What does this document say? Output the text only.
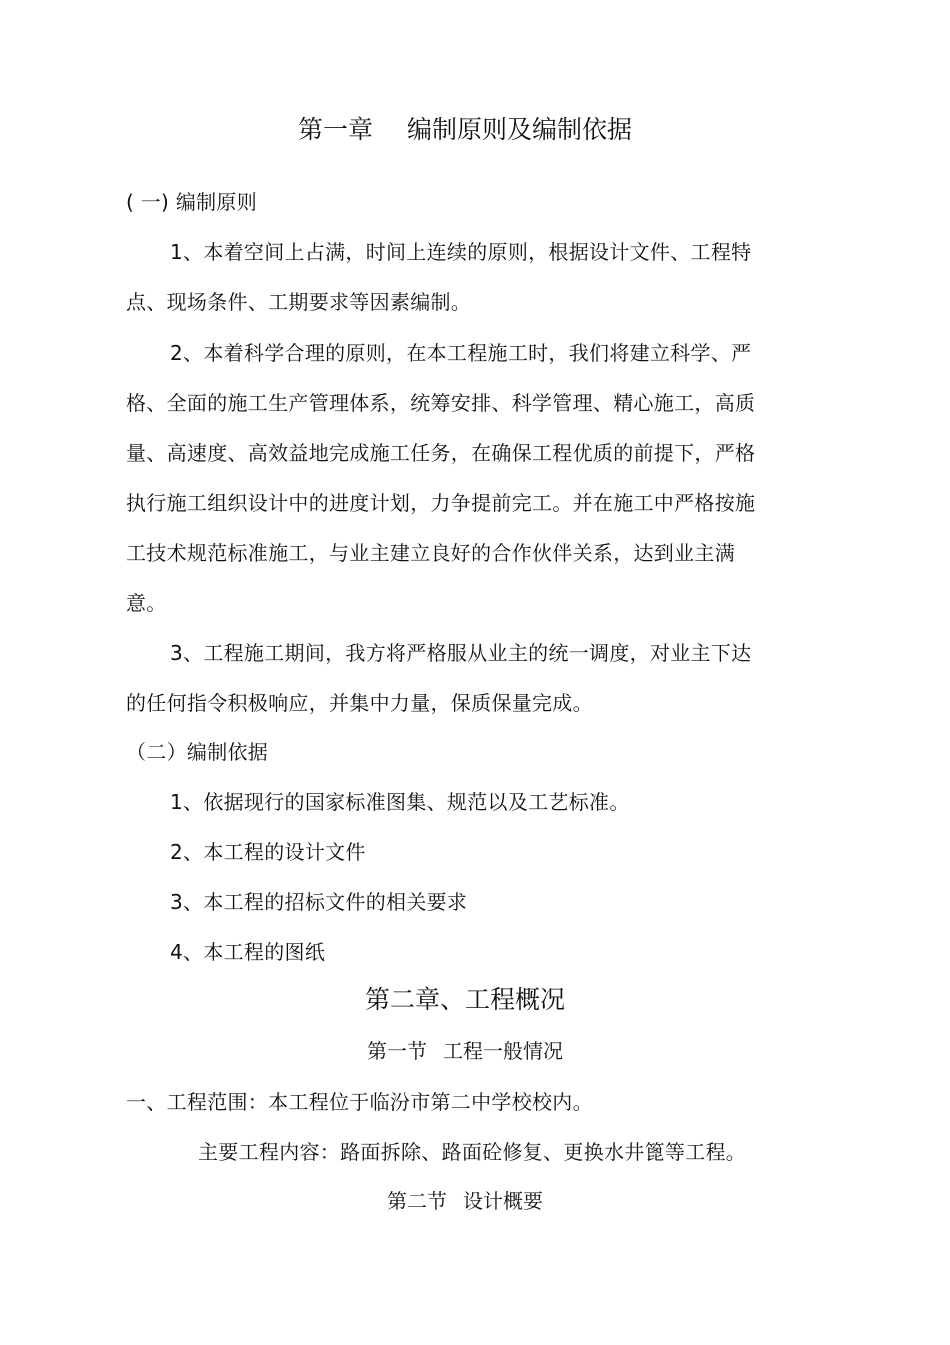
第一章 编制原则及编制依据
( 一) 编制原则
1、本着空间上占满，时间上连续的原则，根据设计文件、工程特
点、现场条件、工期要求等因素编制。
2、本着科学合理的原则，在本工程施工时，我们将建立科学、严
格、全面的施工生产管理体系，统筹安排、科学管理、精心施工，高质
量、高速度、高效益地完成施工任务，在确保工程优质的前提下，严格
执行施工组织设计中的进度计划，力争提前完工。并在施工中严格按施
工技术规范标准施工，与业主建立良好的合作伙伴关系，达到业主满
意。
3、工程施工期间，我方将严格服从业主的统一调度，对业主下达
的任何指令积极响应，并集中力量，保质保量完成。
（二）编制依据
1、依据现行的国家标准图集、规范以及工艺标准。
2、本工程的设计文件
3、本工程的招标文件的相关要求
4、本工程的图纸
第二章、工程概况
第一节 工程一般情况
一、工程范围：本工程位于临汾市第二中学校校内。
主要工程内容：路面拆除、路面砼修复、更换水井篦等工程。
第二节 设计概要
